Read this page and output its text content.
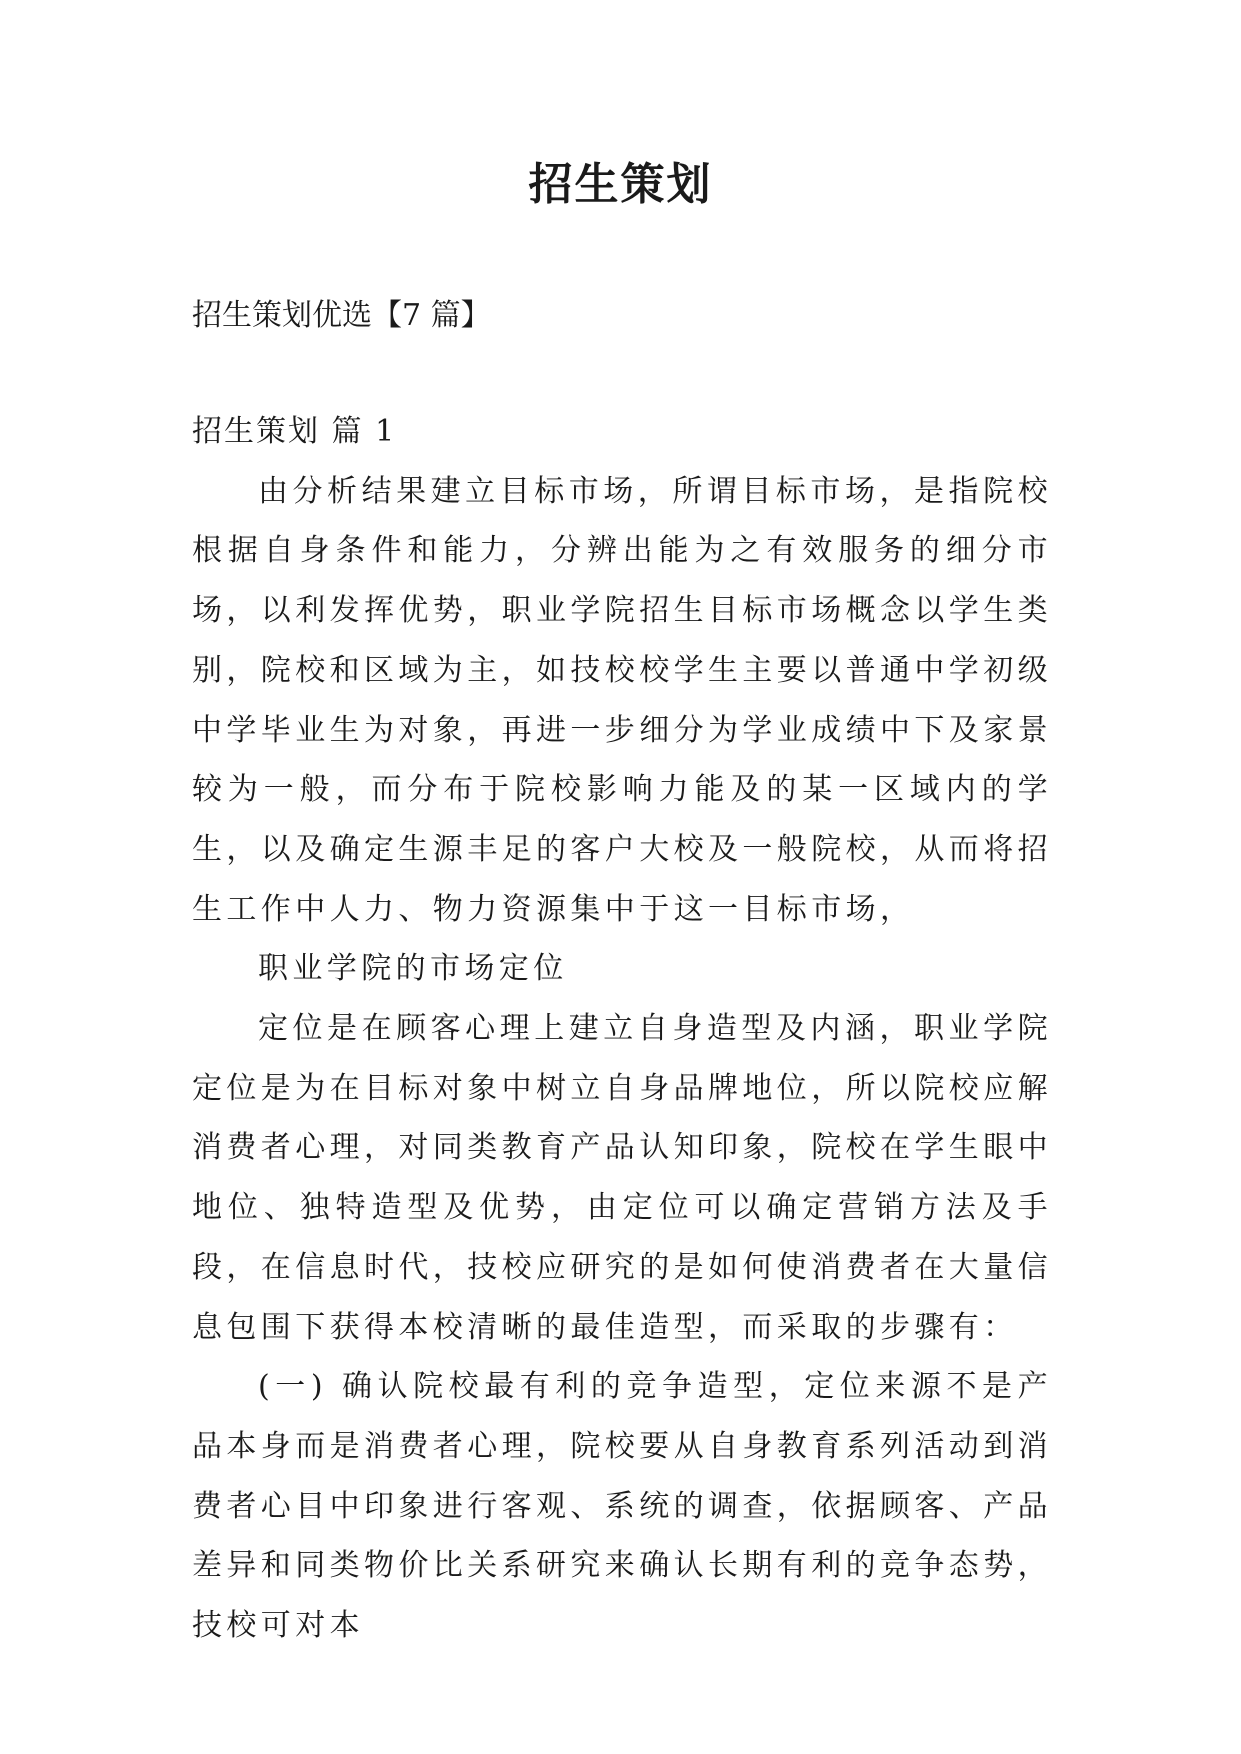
招生策划

招生策划优选【7 篇】

招生策划 篇 1

由分析结果建立目标市场，所谓目标市场，是指院校根据自身条件和能力，分辨出能为之有效服务的细分市场，以利发挥优势，职业学院招生目标市场概念以学生类别，院校和区域为主，如技校校学生主要以普通中学初级中学毕业生为对象，再进一步细分为学业成绩中下及家景较为一般，而分布于院校影响力能及的某一区域内的学生，以及确定生源丰足的客户大校及一般院校，从而将招生工作中人力、物力资源集中于这一目标市场，

职业学院的市场定位

定位是在顾客心理上建立自身造型及内涵，职业学院定位是为在目标对象中树立自身品牌地位，所以院校应解消费者心理，对同类教育产品认知印象，院校在学生眼中地位、独特造型及优势，由定位可以确定营销方法及手段，在信息时代，技校应研究的是如何使消费者在大量信息包围下获得本校清晰的最佳造型，而采取的步骤有：

(一) 确认院校最有利的竞争造型，定位来源不是产品本身而是消费者心理，院校要从自身教育系列活动到消费者心目中印象进行客观、系统的调查，依据顾客、产品差异和同类物价比关系研究来确认长期有利的竞争态势，技校可对本
